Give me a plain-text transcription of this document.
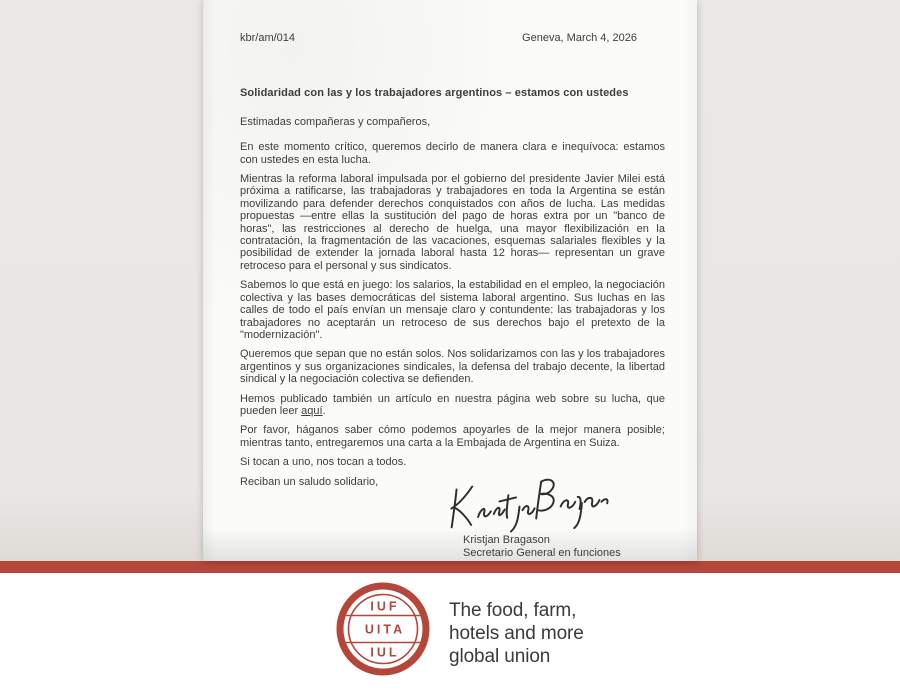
kbr/am/014	Geneva, March 4, 2026
Solidaridad con las y los trabajadores argentinos – estamos con ustedes
Estimadas compañeras y compañeros,

En este momento crítico, queremos decirlo de manera clara e inequívoca: estamos con ustedes en esta lucha.

Mientras la reforma laboral impulsada por el gobierno del presidente Javier Milei está próxima a ratificarse, las trabajadoras y trabajadores en toda la Argentina se están movilizando para defender derechos conquistados con años de lucha. Las medidas propuestas —entre ellas la sustitución del pago de horas extra por un "banco de horas", las restricciones al derecho de huelga, una mayor flexibilización en la contratación, la fragmentación de las vacaciones, esquemas salariales flexibles y la posibilidad de extender la jornada laboral hasta 12 horas— representan un grave retroceso para el personal y sus sindicatos.

Sabemos lo que está en juego: los salarios, la estabilidad en el empleo, la negociación colectiva y las bases democráticas del sistema laboral argentino. Sus luchas en las calles de todo el país envían un mensaje claro y contundente: las trabajadoras y los trabajadores no aceptarán un retroceso de sus derechos bajo el pretexto de la "modernización".

Queremos que sepan que no están solos. Nos solidarizamos con las y los trabajadores argentinos y sus organizaciones sindicales, la defensa del trabajo decente, la libertad sindical y la negociación colectiva se defienden.

Hemos publicado también un artículo en nuestra página web sobre su lucha, que pueden leer aquí.

Por favor, háganos saber cómo podemos apoyarles de la mejor manera posible; mientras tanto, entregaremos una carta a la Embajada de Argentina en Suiza.

Si tocan a uno, nos tocan a todos.

Reciban un saludo solidario,

Kristjan Bragason
Secretario General en funciones
IUF
UITA
IUL
The food, farm,
hotels and more
global union
